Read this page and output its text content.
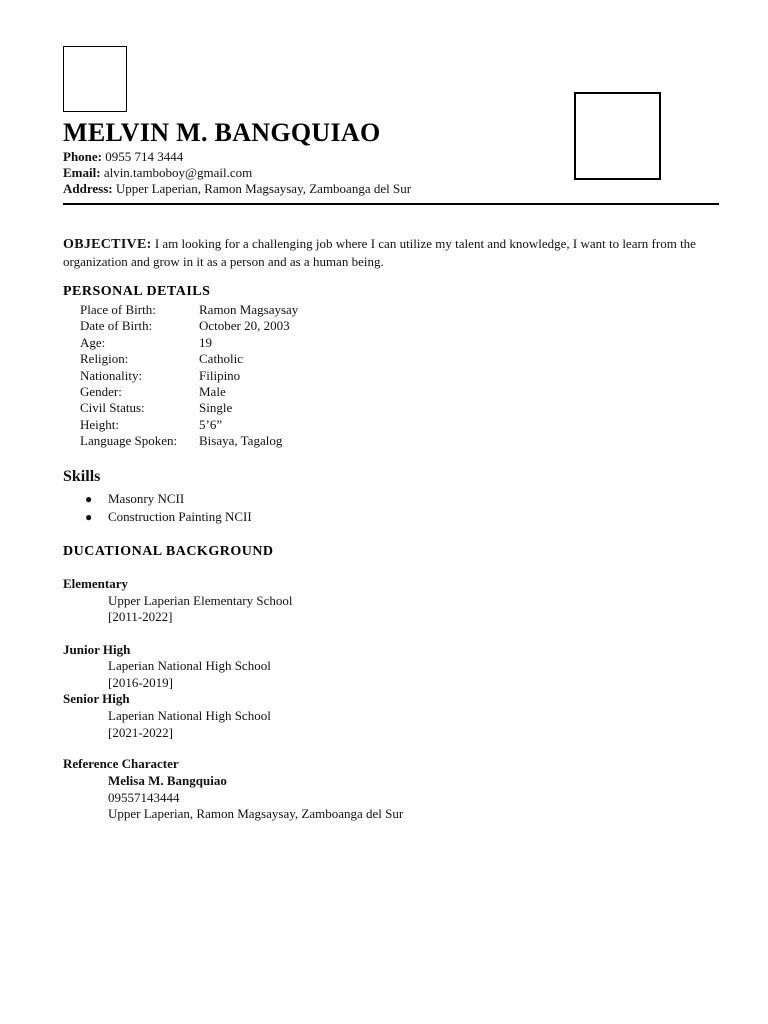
MELVIN M. BANGQUIAO
Phone: 0955 714 3444
Email: alvin.tamboboy@gmail.com
Address: Upper Laperian, Ramon Magsaysay, Zamboanga del Sur
OBJECTIVE: I am looking for a challenging job where I can utilize my talent and knowledge, I want to learn from the organization and grow in it as a person and as a human being.
PERSONAL DETAILS
Place of Birth:	Ramon Magsaysay
Date of Birth:	October 20, 2003
Age:	19
Religion:	Catholic
Nationality:	Filipino
Gender:	Male
Civil Status:	Single
Height:	5’6”
Language Spoken:	Bisaya, Tagalog
Skills
●	Masonry NCII
●	Construction Painting NCII
DUCATIONAL BACKGROUND
Elementary
Upper Laperian Elementary School
[2011-2022]
Junior High
Laperian National High School
[2016-2019]
Senior High
Laperian National High School
[2021-2022]
Reference Character
Melisa M. Bangquiao
09557143444
Upper Laperian, Ramon Magsaysay, Zamboanga del Sur
